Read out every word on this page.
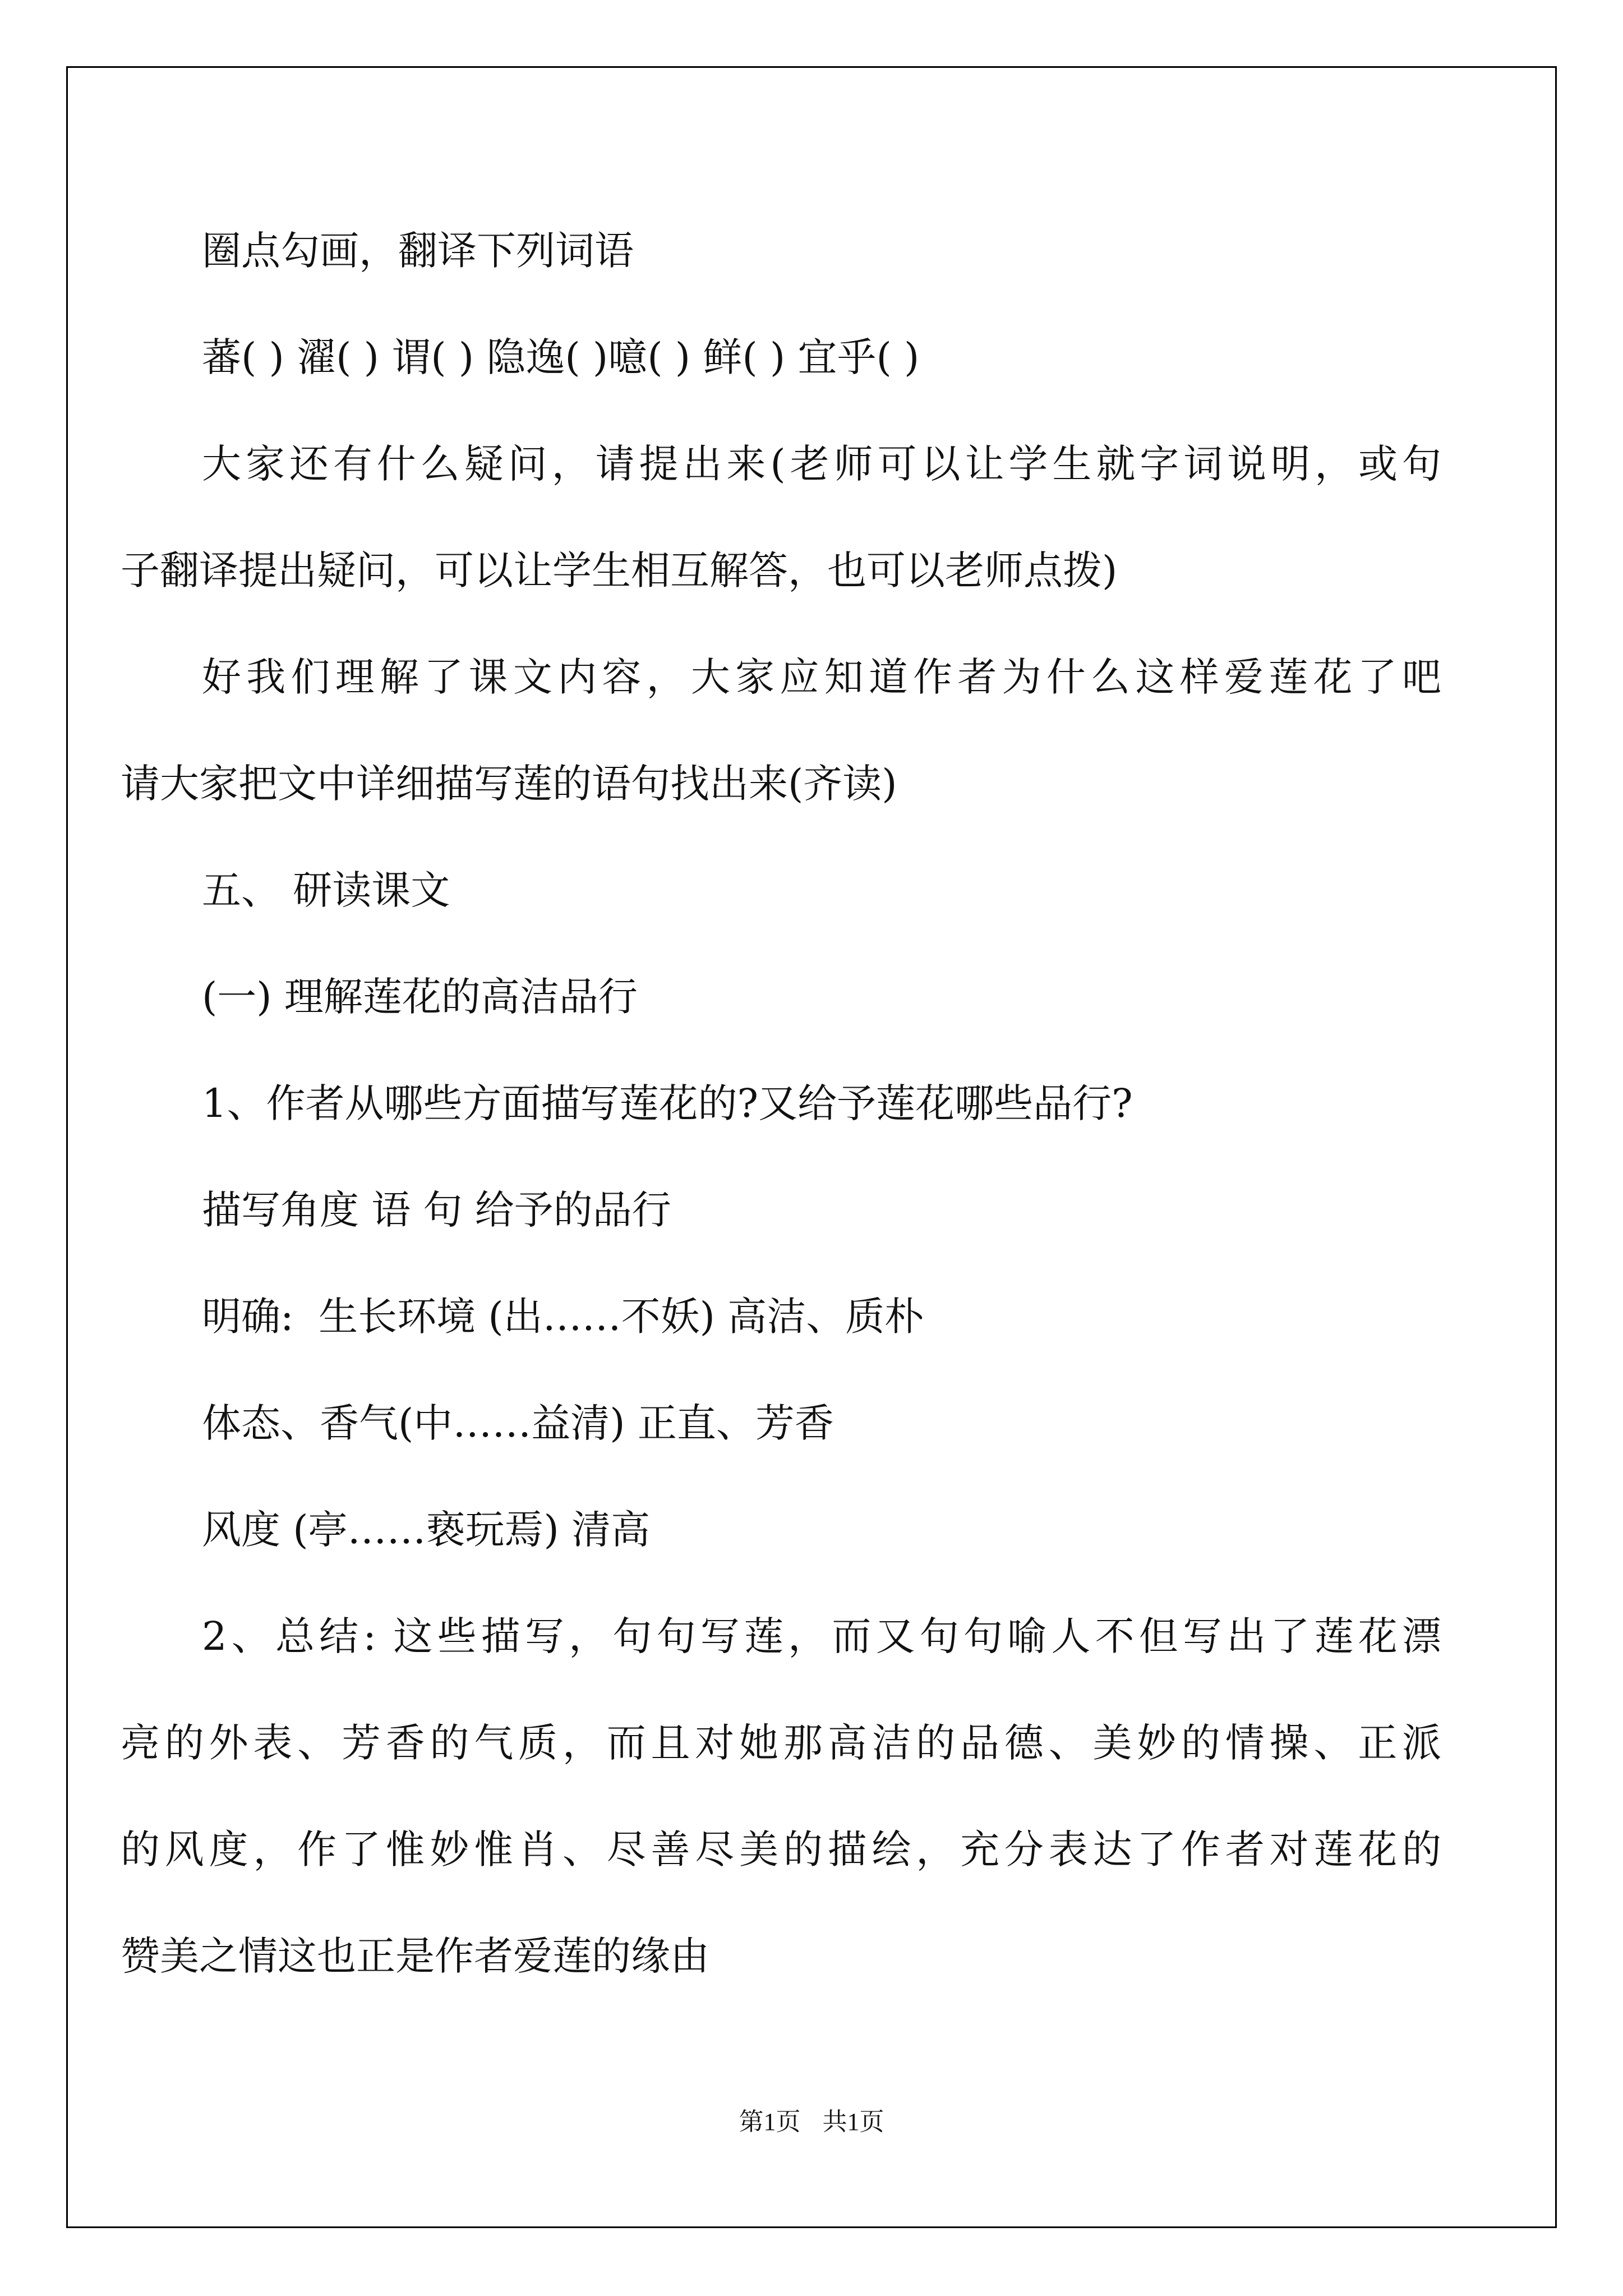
圈点勾画，翻译下列词语
蕃( ) 濯( ) 谓( ) 隐逸( )噫( ) 鲜( ) 宜乎( )
大家还有什么疑问，请提出来(老师可以让学生就字词说明，或句
子翻译提出疑问，可以让学生相互解答，也可以老师点拨)
好我们理解了课文内容，大家应知道作者为什么这样爱莲花了吧
请大家把文中详细描写莲的语句找出来(齐读)
五、 研读课文
(一) 理解莲花的高洁品行
1、作者从哪些方面描写莲花的?又给予莲花哪些品行?
描写角度 语 句 给予的品行
明确:  生长环境 (出……不妖) 高洁、质朴
体态、香气(中……益清) 正直、芳香
风度 (亭……亵玩焉) 清高
2、总结: 这些描写，句句写莲，而又句句喻人不但写出了莲花漂
亮的外表、芳香的气质，而且对她那高洁的品德、美妙的情操、正派
的风度，作了惟妙惟肖、尽善尽美的描绘，充分表达了作者对莲花的
赞美之情这也正是作者爱莲的缘由
第1页 共1页
